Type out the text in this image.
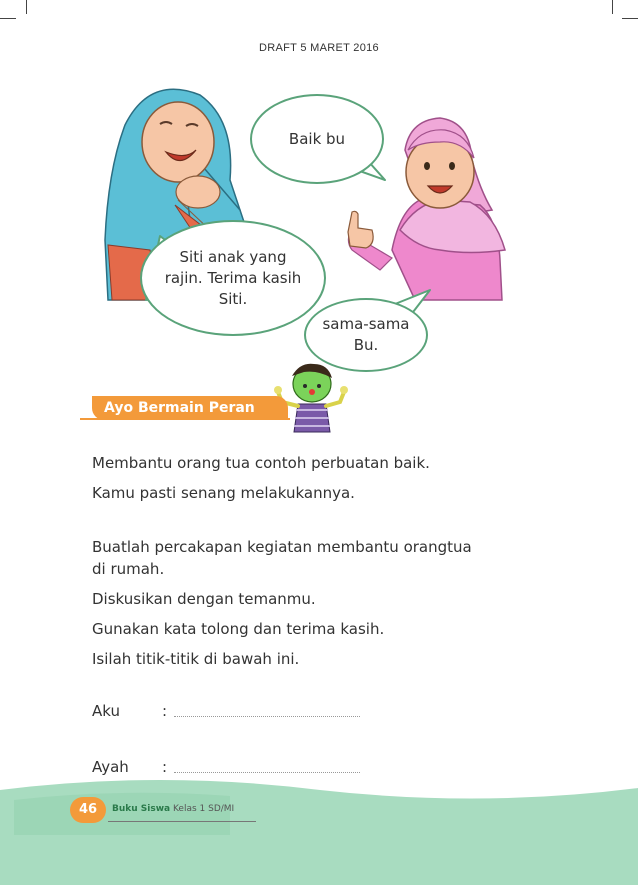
DRAFT 5 MARET 2016
Siti anak yang
rajin. Terima kasih
Siti.
Baik bu
sama-sama
Bu.
Ayo Bermain Peran
Membantu orang tua contoh perbuatan baik.
Kamu pasti senang melakukannya.
Buatlah percakapan kegiatan membantu orangtua
di rumah.
Diskusikan dengan temanmu.
Gunakan kata tolong dan terima kasih.
Isilah titik-titik di bawah ini.
Aku	:
Ayah :
46	Buku Siswa Kelas 1 SD/MI
